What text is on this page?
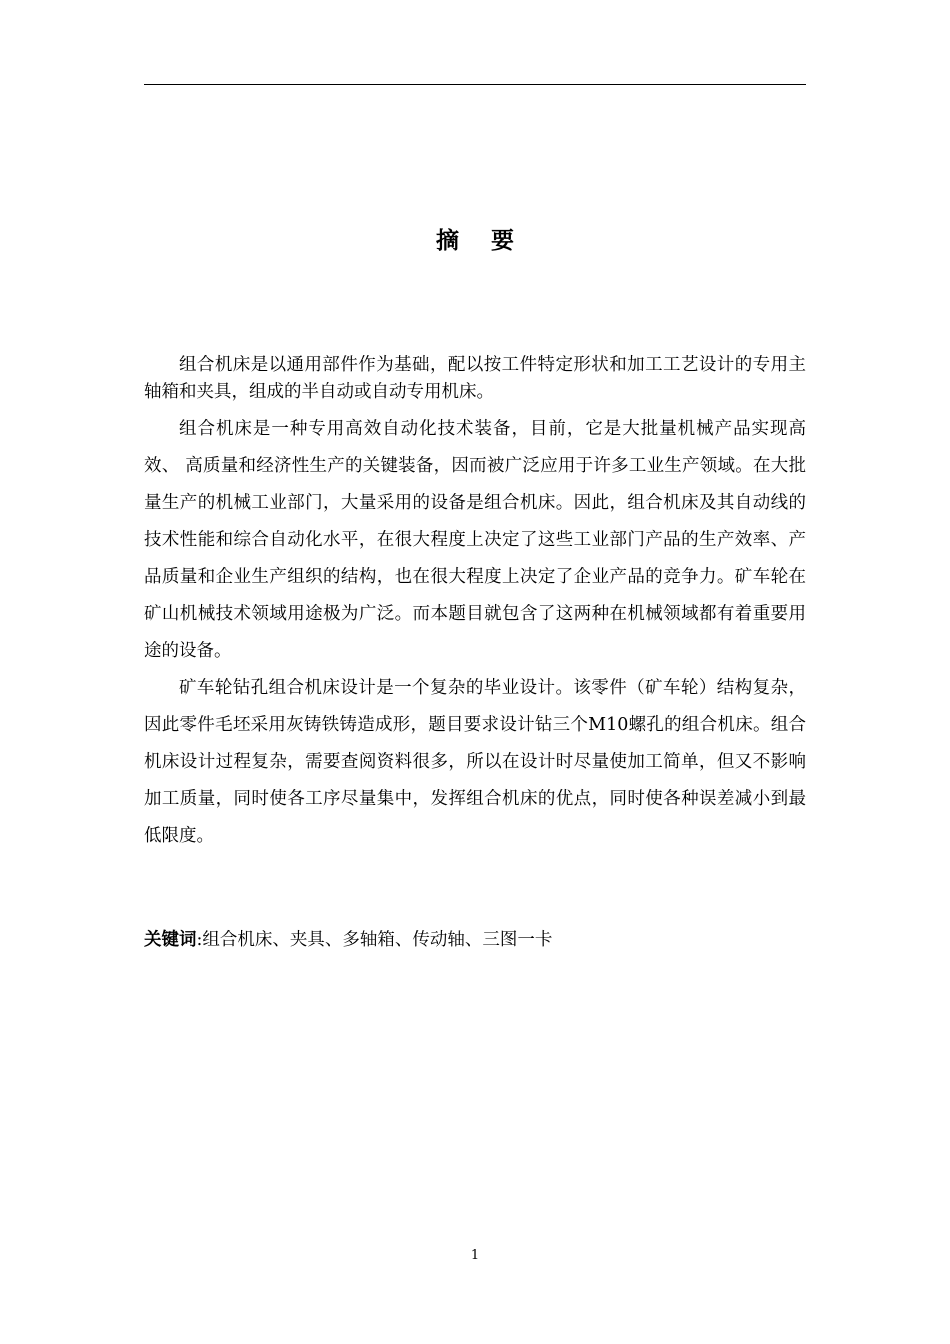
摘 要

组合机床是以通用部件作为基础，配以按工件特定形状和加工工艺设计的专用主轴箱和夹具，组成的半自动或自动专用机床。

组合机床是一种专用高效自动化技术装备，目前，它是大批量机械产品实现高效、 高质量和经济性生产的关键装备，因而被广泛应用于许多工业生产领域。在大批量生产的机械工业部门，大量采用的设备是组合机床。因此，组合机床及其自动线的技术性能和综合自动化水平，在很大程度上决定了这些工业部门产品的生产效率、产品质量和企业生产组织的结构，也在很大程度上决定了企业产品的竞争力。矿车轮在矿山机械技术领域用途极为广泛。而本题目就包含了这两种在机械领域都有着重要用途的设备。

矿车轮钻孔组合机床设计是一个复杂的毕业设计。该零件（矿车轮）结构复杂，因此零件毛坯采用灰铸铁铸造成形，题目要求设计钻三个M10螺孔的组合机床。组合机床设计过程复杂，需要查阅资料很多，所以在设计时尽量使加工简单，但又不影响加工质量，同时使各工序尽量集中，发挥组合机床的优点，同时使各种误差减小到最低限度。

关键词:组合机床、夹具、多轴箱、传动轴、三图一卡
1
